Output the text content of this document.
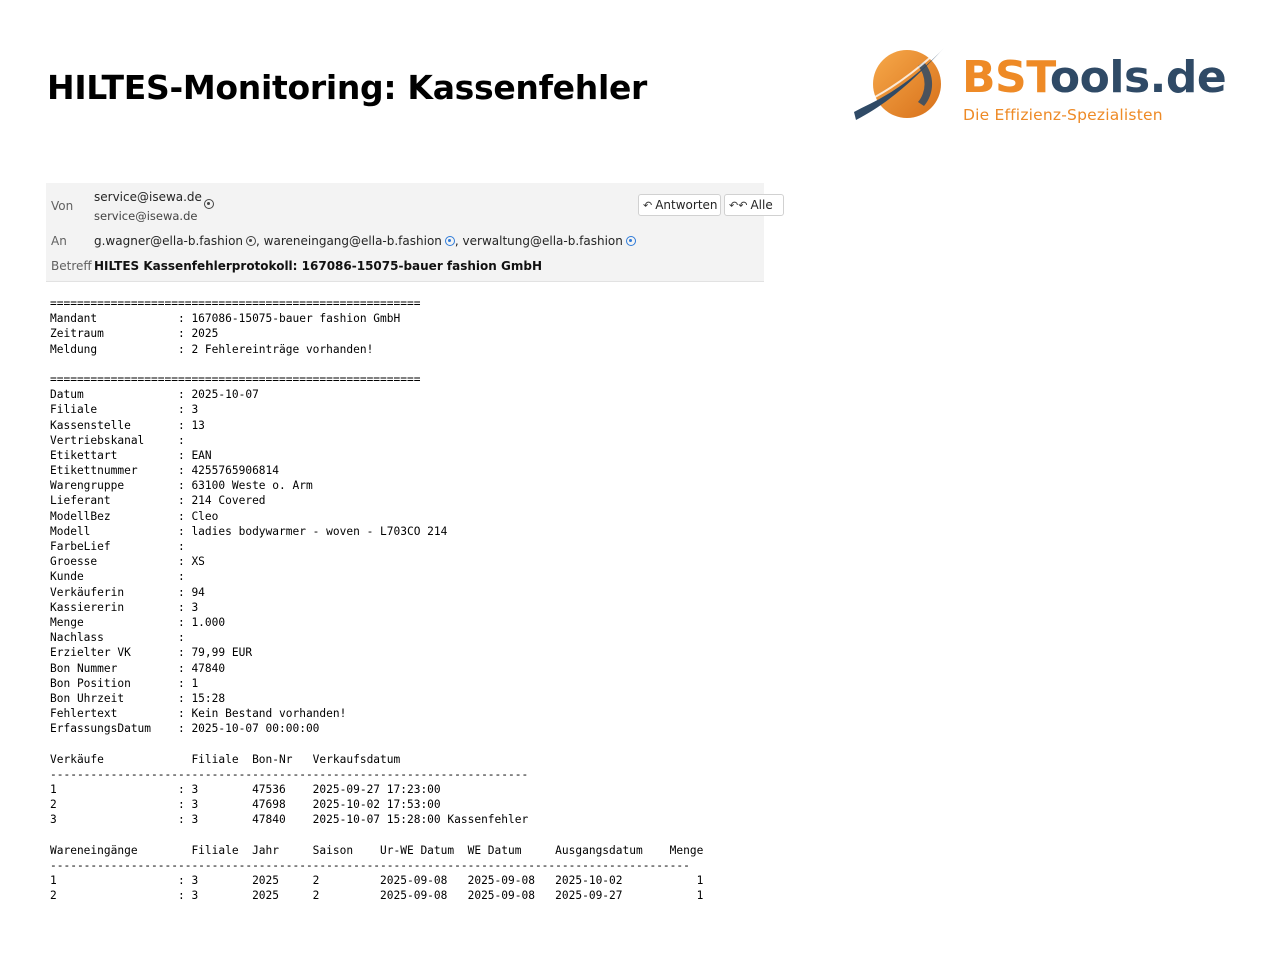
HILTES-Monitoring: Kassenfehler	BSTools.de
Die Effizienz-Spezialisten
Von
service@isewa.de
service@isewa.de
↶ Antworten	↶↶ Alle
An g.wagner@ella-b.fashion , wareneingang@ella-b.fashion , verwaltung@ella-b.fashion
Betreff HILTES Kassenfehlerprotokoll: 167086-15075-bauer fashion GmbH
=======================================================
Mandant            : 167086-15075-bauer fashion GmbH
Zeitraum           : 2025
Meldung            : 2 Fehlereinträge vorhanden!
=======================================================
Datum              : 2025-10-07
Filiale            : 3
Kassenstelle       : 13
Vertriebskanal     :
Etikettart         : EAN
Etikettnummer      : 4255765906814
Warengruppe        : 63100 Weste o. Arm
Lieferant          : 214 Covered
ModellBez          : Cleo
Modell             : ladies bodywarmer - woven - L703CO 214
FarbeLief          :
Groesse            : XS
Kunde              :
Verkäuferin        : 94
Kassiererin        : 3
Menge              : 1.000
Nachlass           :
Erzielter VK       : 79,99 EUR
Bon Nummer         : 47840
Bon Position       : 1
Bon Uhrzeit        : 15:28
Fehlertext         : Kein Bestand vorhanden!
ErfassungsDatum    : 2025-10-07 00:00:00
Verkäufe             Filiale  Bon-Nr   Verkaufsdatum
-----------------------------------------------------------------------
1                  : 3        47536    2025-09-27 17:23:00
2                  : 3        47698    2025-10-02 17:53:00
3                  : 3        47840    2025-10-07 15:28:00 Kassenfehler
Wareneingänge        Filiale  Jahr     Saison    Ur-WE Datum  WE Datum     Ausgangsdatum    Menge
-----------------------------------------------------------------------------------------------
1                  : 3        2025     2         2025-09-08   2025-09-08   2025-10-02           1
2                  : 3        2025     2         2025-09-08   2025-09-08   2025-09-27           1
